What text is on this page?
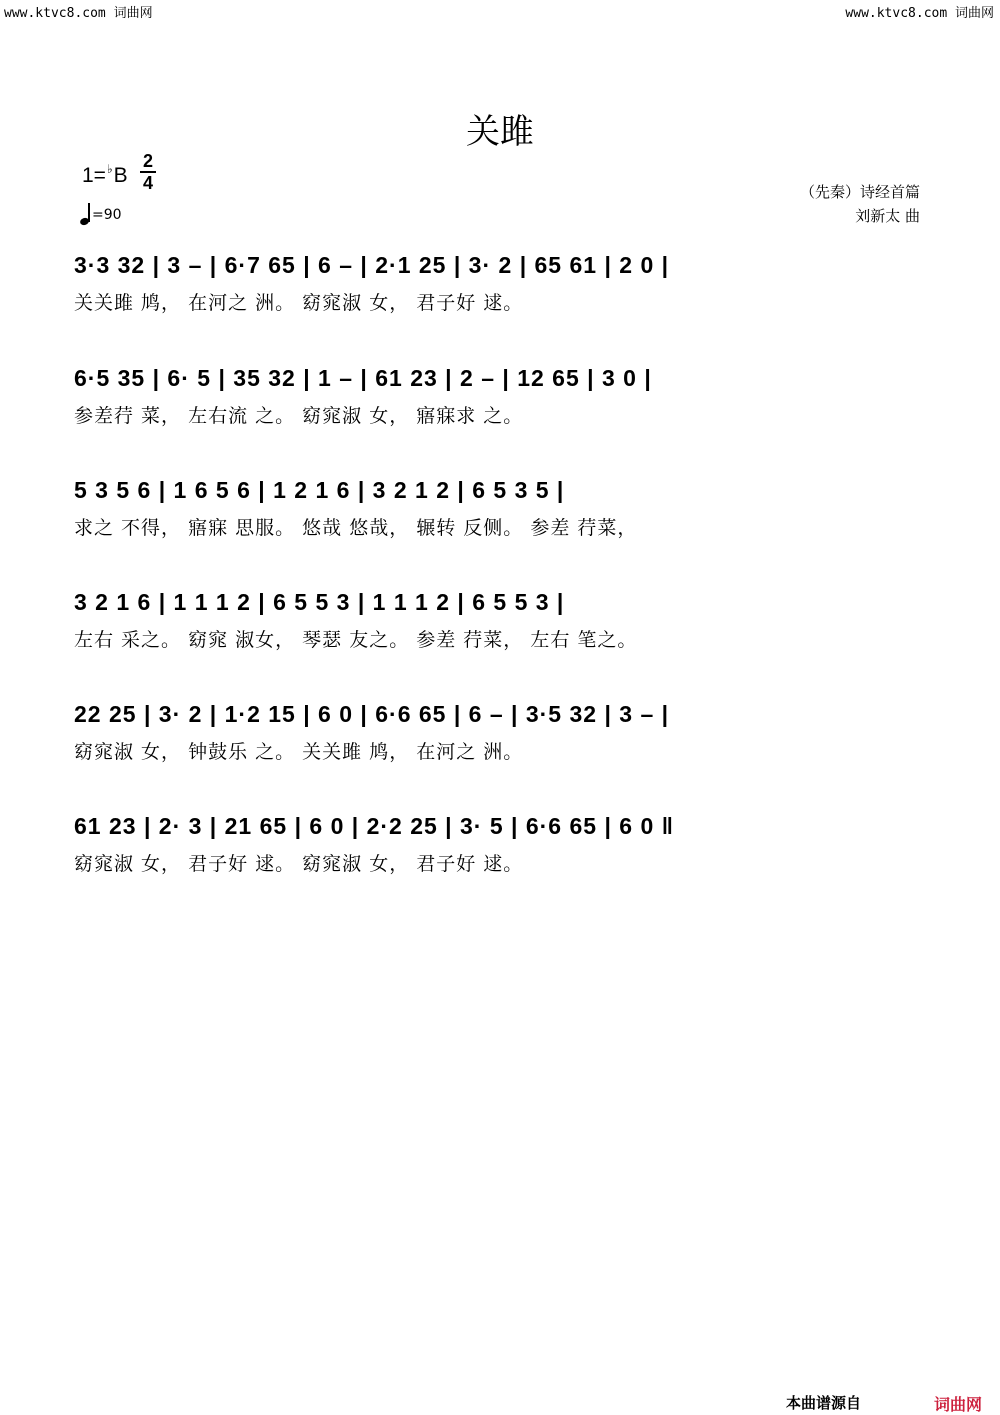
www.ktvc8.com 词曲网	www.ktvc8.com 词曲网
关雎
1=♭B
2
4
=90
（先秦）诗经首篇
刘新太 曲
3·3 32 | 3 – | 6·7 65 | 6 – | 2·1 25 | 3· 2 | 65 61 | 2 0 |
关关雎 鸠， 在河之 洲。 窈窕淑 女， 君子好 逑。
6·5 35 | 6· 5 | 35 32 | 1 – | 61 23 | 2 – | 12 65 | 3 0 |
参差荇 菜， 左右流 之。 窈窕淑 女， 寤寐求 之。
5 3 5 6 | 1 6 5 6 | 1 2 1 6 | 3 2 1 2 | 6 5 3 5 |
求之 不得， 寤寐 思服。 悠哉 悠哉， 辗转 反侧。 参差 荇菜，
3 2 1 6 | 1 1 1 2 | 6 5 5 3 | 1 1 1 2 | 6 5 5 3 |
左右 采之。 窈窕 淑女， 琴瑟 友之。 参差 荇菜， 左右 笔之。
22 25 | 3· 2 | 1·2 15 | 6 0 | 6·6 65 | 6 – | 3·5 32 | 3 – |
窈窕淑 女， 钟鼓乐 之。 关关雎 鸠， 在河之 洲。
61 23 | 2· 3 | 21 65 | 6 0 | 2·2 25 | 3· 5 | 6·6 65 | 6 0 ‖
窈窕淑 女， 君子好 逑。 窈窕淑 女， 君子好 逑。
本曲谱源自	词曲网
